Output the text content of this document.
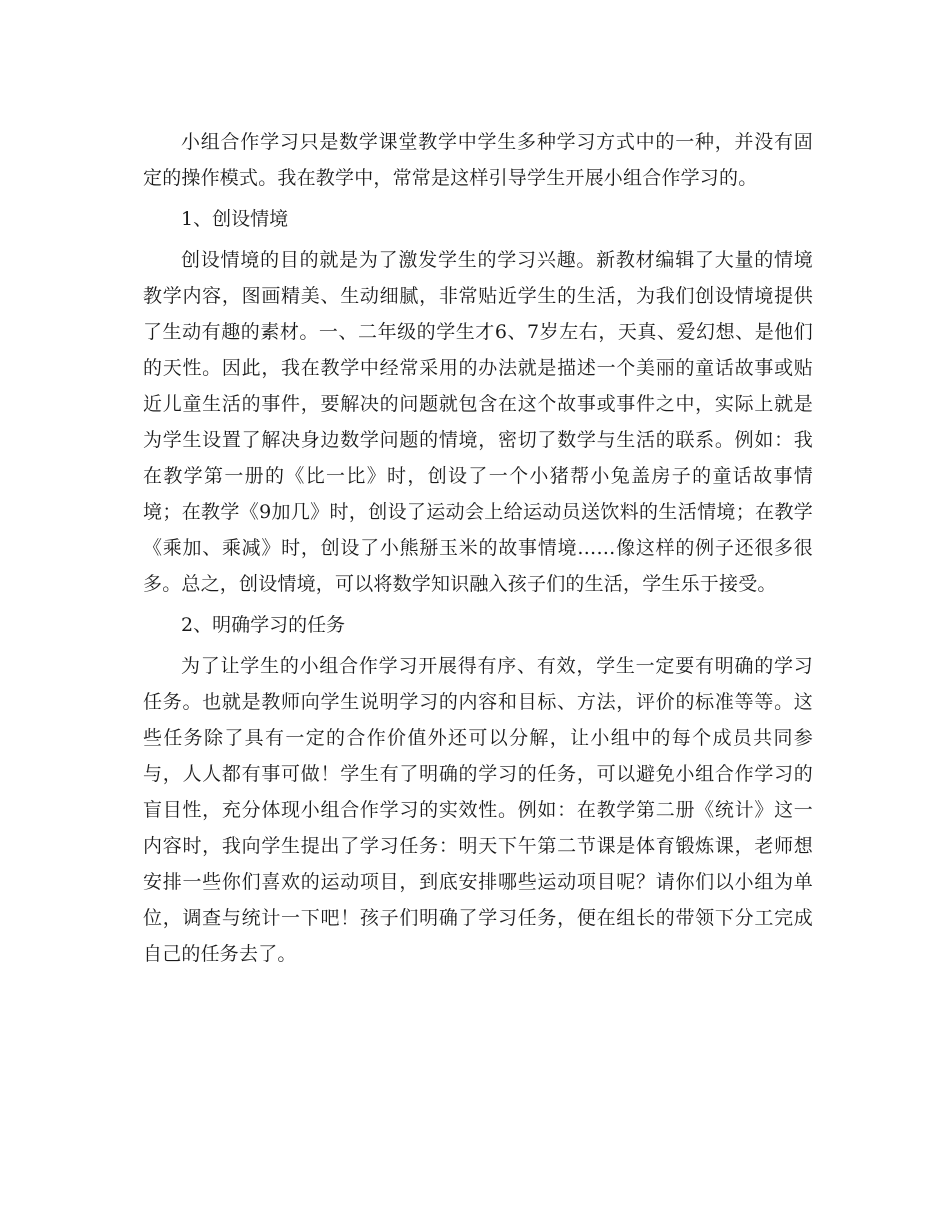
小组合作学习只是数学课堂教学中学生多种学习方式中的一种，并没有固定的操作模式。我在教学中，常常是这样引导学生开展小组合作学习的。

1、创设情境

创设情境的目的就是为了激发学生的学习兴趣。新教材编辑了大量的情境教学内容，图画精美、生动细腻，非常贴近学生的生活，为我们创设情境提供了生动有趣的素材。一、二年级的学生才6、7岁左右，天真、爱幻想、是他们的天性。因此，我在教学中经常采用的办法就是描述一个美丽的童话故事或贴近儿童生活的事件，要解决的问题就包含在这个故事或事件之中，实际上就是为学生设置了解决身边数学问题的情境，密切了数学与生活的联系。例如：我在教学第一册的《比一比》时，创设了一个小猪帮小兔盖房子的童话故事情境；在教学《9加几》时，创设了运动会上给运动员送饮料的生活情境；在教学《乘加、乘减》时，创设了小熊掰玉米的故事情境……像这样的例子还很多很多。总之，创设情境，可以将数学知识融入孩子们的生活，学生乐于接受。

2、明确学习的任务

为了让学生的小组合作学习开展得有序、有效，学生一定要有明确的学习任务。也就是教师向学生说明学习的内容和目标、方法，评价的标准等等。这些任务除了具有一定的合作价值外还可以分解，让小组中的每个成员共同参与，人人都有事可做！学生有了明确的学习的任务，可以避免小组合作学习的盲目性，充分体现小组合作学习的实效性。例如：在教学第二册《统计》这一内容时，我向学生提出了学习任务：明天下午第二节课是体育锻炼课，老师想安排一些你们喜欢的运动项目，到底安排哪些运动项目呢？请你们以小组为单位，调查与统计一下吧！孩子们明确了学习任务，便在组长的带领下分工完成自己的任务去了。
